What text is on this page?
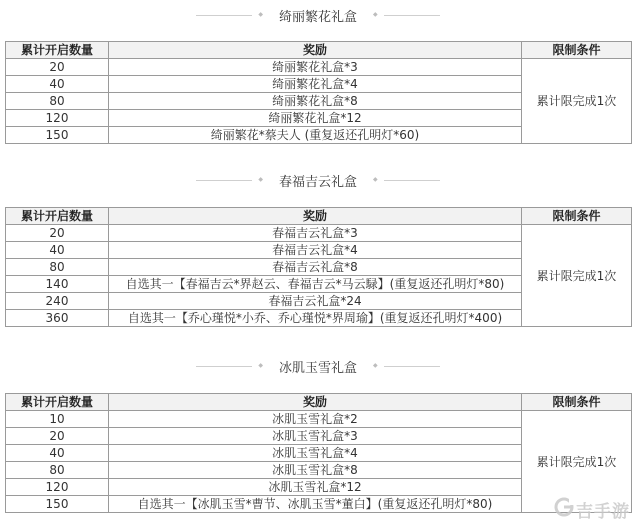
◆ 绮丽繁花礼盒	◆
累计开启数量	奖励	限制条件
20	绮丽繁花礼盒*3	累计限完成1次
40	绮丽繁花礼盒*4	
80	绮丽繁花礼盒*8	
120	绮丽繁花礼盒*12	
150	绮丽繁花*蔡夫人 (重复返还孔明灯*60)	
◆ 春福吉云礼盒	◆
累计开启数量	奖励	限制条件
20	春福吉云礼盒*3	累计限完成1次
40	春福吉云礼盒*4	
80	春福吉云礼盒*8	
140	自选其一【春福吉云*界赵云、春福吉云*马云騄】(重复返还孔明灯*80)	
240	春福吉云礼盒*24	
360	自选其一【乔心瑾悦*小乔、乔心瑾悦*界周瑜】(重复返还孔明灯*400)	
◆ 冰肌玉雪礼盒	◆
累计开启数量	奖励	限制条件
10	冰肌玉雪礼盒*2	累计限完成1次
20	冰肌玉雪礼盒*3	
40	冰肌玉雪礼盒*4	
80	冰肌玉雪礼盒*8	
120	冰肌玉雪礼盒*12	
150	自选其一【冰肌玉雪*曹节、冰肌玉雪*董白】(重复返还孔明灯*80)		吉手游
